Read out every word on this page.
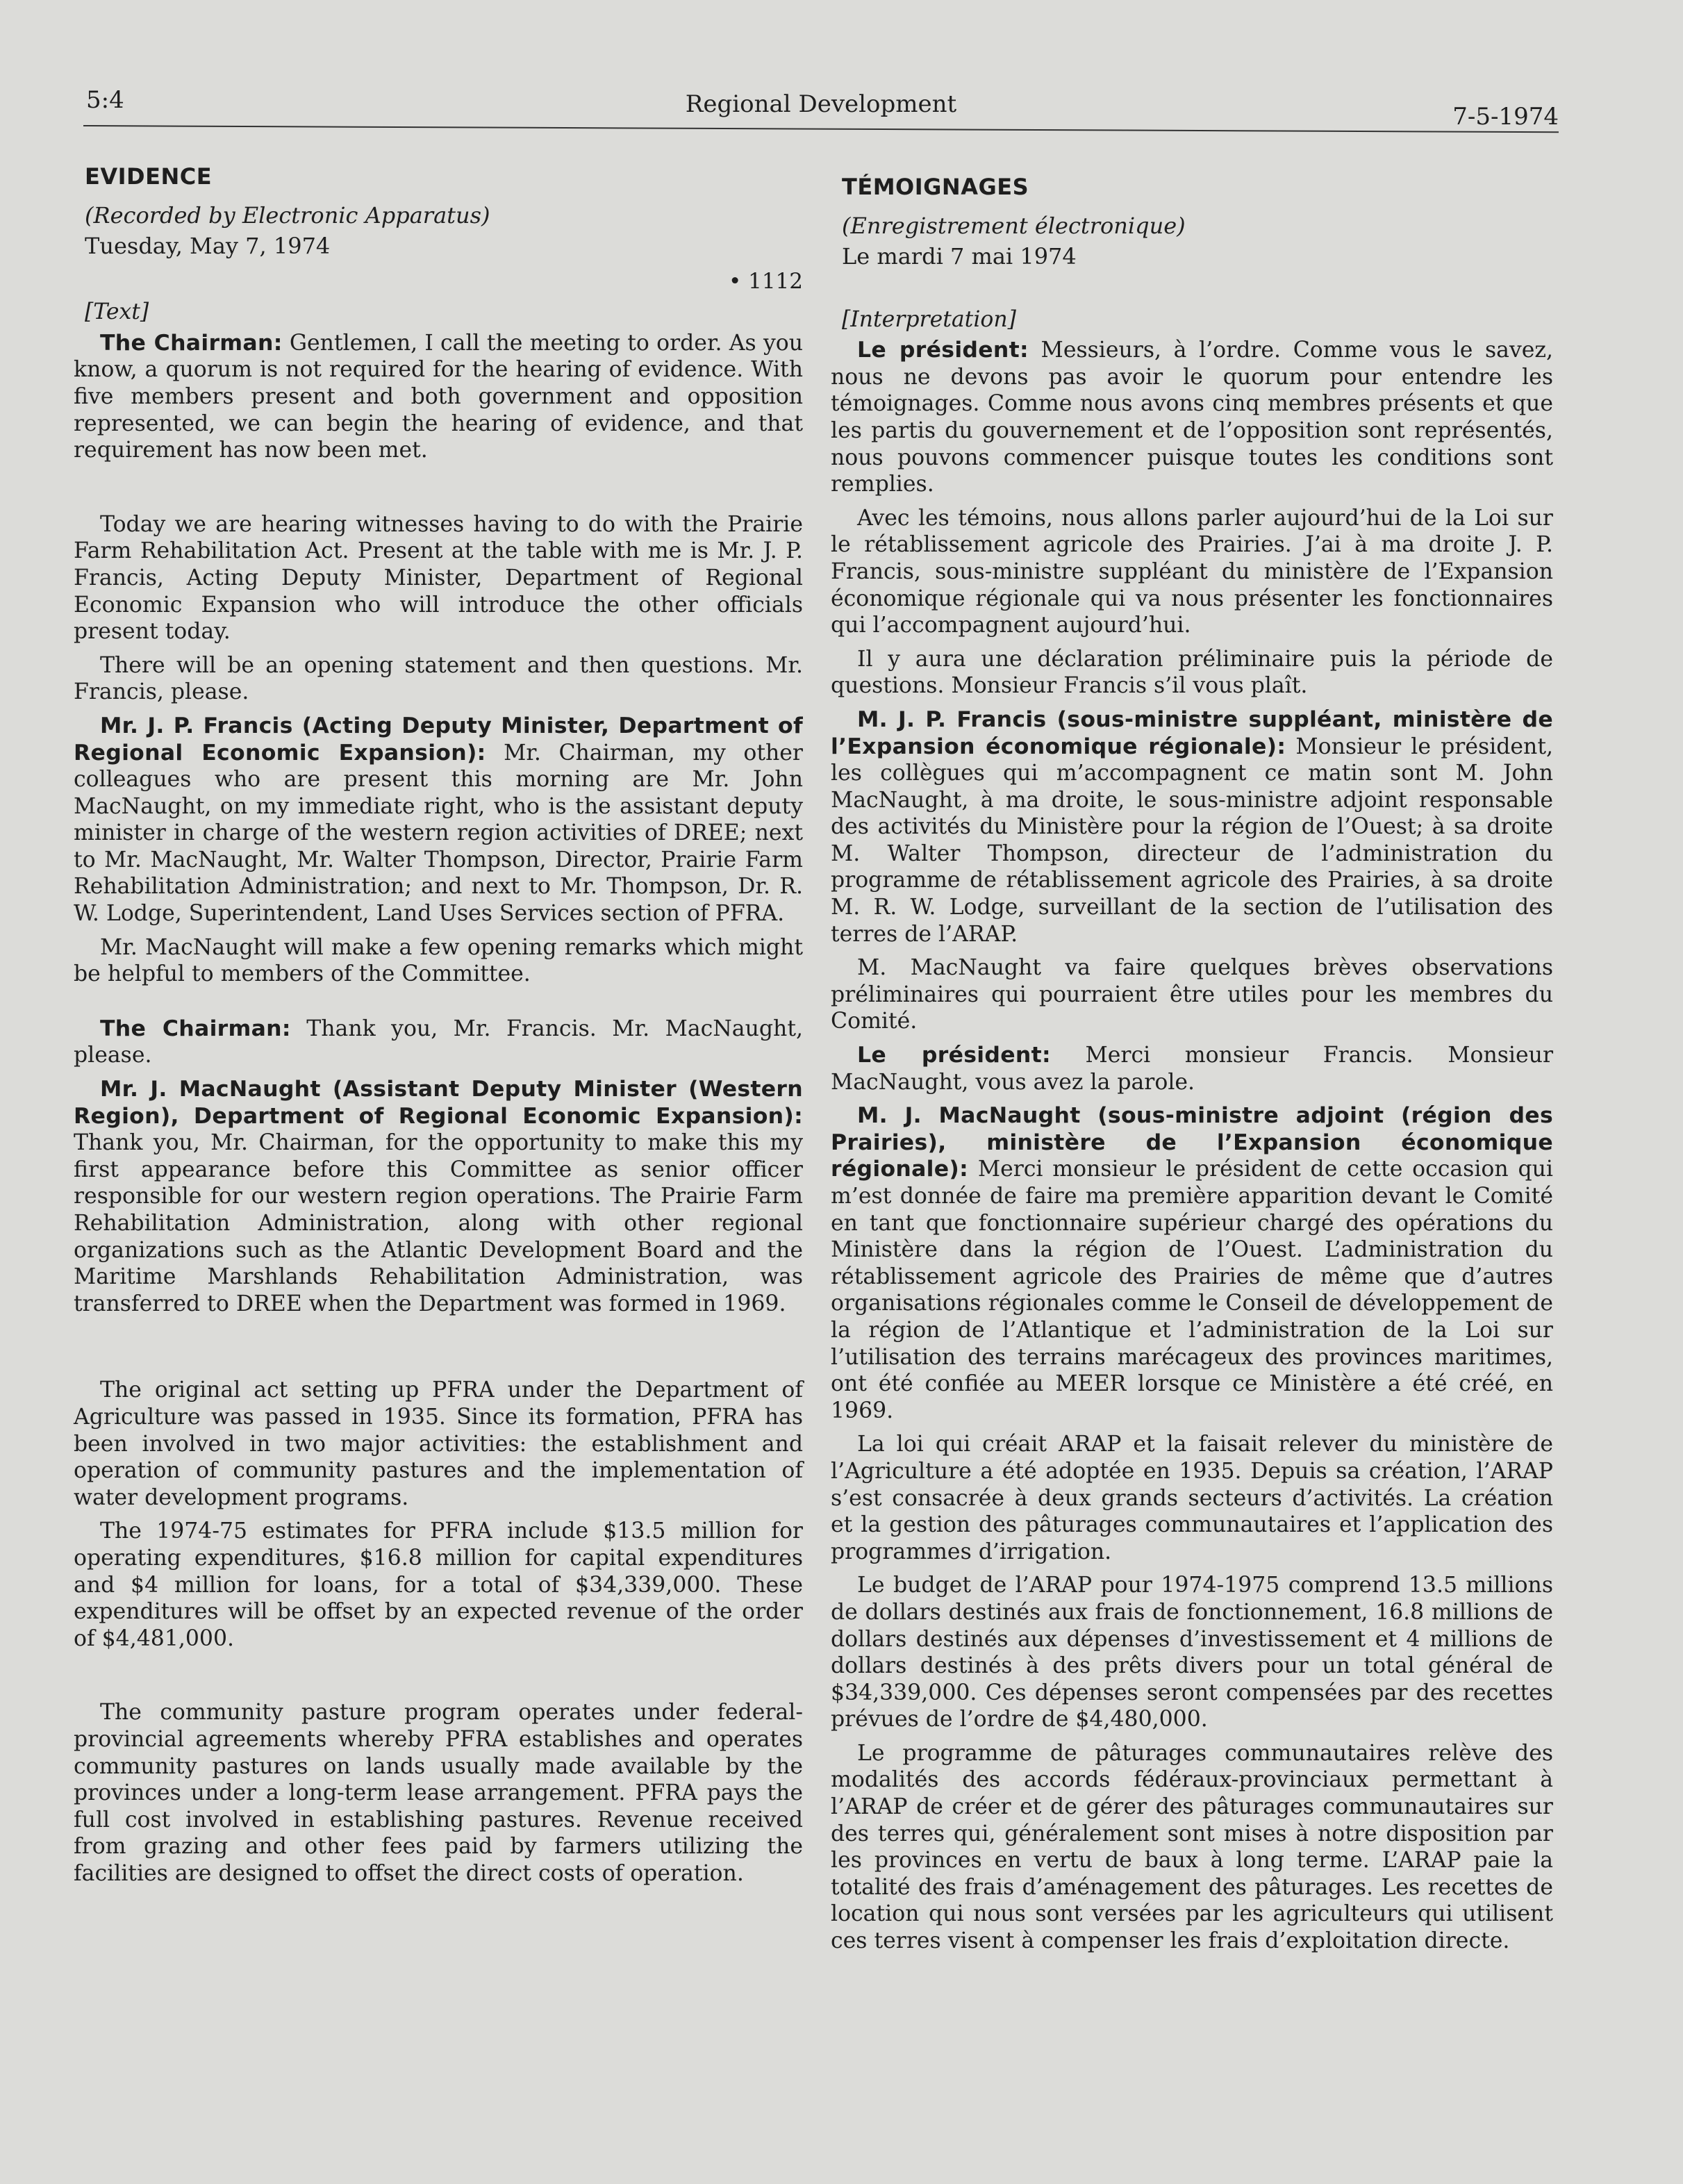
5:4	Regional Development	7-5-1974
EVIDENCE
(Recorded by Electronic Apparatus)
Tuesday, May 7, 1974
• 1112
[Text]

The Chairman: Gentlemen, I call the meeting to order. As you know, a quorum is not required for the hearing of evidence. With five members present and both government and opposition represented, we can begin the hearing of evidence, and that requirement has now been met.

Today we are hearing witnesses having to do with the Prairie Farm Rehabilitation Act. Present at the table with me is Mr. J. P. Francis, Acting Deputy Minister, Department of Regional Economic Expansion who will introduce the other officials present today.

There will be an opening statement and then questions. Mr. Francis, please.

Mr. J. P. Francis (Acting Deputy Minister, Department of Regional Economic Expansion): Mr. Chairman, my other colleagues who are present this morning are Mr. John MacNaught, on my immediate right, who is the assistant deputy minister in charge of the western region activities of DREE; next to Mr. MacNaught, Mr. Walter Thompson, Director, Prairie Farm Rehabilitation Administration; and next to Mr. Thompson, Dr. R. W. Lodge, Superintendent, Land Uses Services section of PFRA.

Mr. MacNaught will make a few opening remarks which might be helpful to members of the Committee.

The Chairman: Thank you, Mr. Francis. Mr. MacNaught, please.

Mr. J. MacNaught (Assistant Deputy Minister (Western Region), Department of Regional Economic Expansion): Thank you, Mr. Chairman, for the opportunity to make this my first appearance before this Committee as senior officer responsible for our western region operations. The Prairie Farm Rehabilitation Administration, along with other regional organizations such as the Atlantic Development Board and the Maritime Marshlands Rehabilitation Administration, was transferred to DREE when the Department was formed in 1969.

The original act setting up PFRA under the Department of Agriculture was passed in 1935. Since its formation, PFRA has been involved in two major activities: the establishment and operation of community pastures and the implementation of water development programs.

The 1974-75 estimates for PFRA include $13.5 million for operating expenditures, $16.8 million for capital expenditures and $4 million for loans, for a total of $34,339,000. These expenditures will be offset by an expected revenue of the order of $4,481,000.

The community pasture program operates under federal-provincial agreements whereby PFRA establishes and operates community pastures on lands usually made available by the provinces under a long-term lease arrangement. PFRA pays the full cost involved in establishing pastures. Revenue received from grazing and other fees paid by farmers utilizing the facilities are designed to offset the direct costs of operation.

TÉMOIGNAGES
(Enregistrement électronique)
Le mardi 7 mai 1974
[Interpretation]

Le président: Messieurs, à l’ordre. Comme vous le savez, nous ne devons pas avoir le quorum pour entendre les témoignages. Comme nous avons cinq membres présents et que les partis du gouvernement et de l’opposition sont représentés, nous pouvons commencer puisque toutes les conditions sont remplies.

Avec les témoins, nous allons parler aujourd’hui de la Loi sur le rétablissement agricole des Prairies. J’ai à ma droite J. P. Francis, sous-ministre suppléant du ministère de l’Expansion économique régionale qui va nous présenter les fonctionnaires qui l’accompagnent aujourd’hui.

Il y aura une déclaration préliminaire puis la période de questions. Monsieur Francis s’il vous plaît.

M. J. P. Francis (sous-ministre suppléant, ministère de l’Expansion économique régionale): Monsieur le président, les collègues qui m’accompagnent ce matin sont M. John MacNaught, à ma droite, le sous-ministre adjoint responsable des activités du Ministère pour la région de l’Ouest; à sa droite M. Walter Thompson, directeur de l’administration du programme de rétablissement agricole des Prairies, à sa droite M. R. W. Lodge, surveillant de la section de l’utilisation des terres de l’ARAP.

M. MacNaught va faire quelques brèves observations préliminaires qui pourraient être utiles pour les membres du Comité.

Le président: Merci monsieur Francis. Monsieur MacNaught, vous avez la parole.

M. J. MacNaught (sous-ministre adjoint (région des Prairies), ministère de l’Expansion économique régionale): Merci monsieur le président de cette occasion qui m’est donnée de faire ma première apparition devant le Comité en tant que fonctionnaire supérieur chargé des opérations du Ministère dans la région de l’Ouest. L’administration du rétablissement agricole des Prairies de même que d’autres organisations régionales comme le Conseil de développement de la région de l’Atlantique et l’administration de la Loi sur l’utilisation des terrains marécageux des provinces maritimes, ont été confiée au MEER lorsque ce Ministère a été créé, en 1969.

La loi qui créait ARAP et la faisait relever du ministère de l’Agriculture a été adoptée en 1935. Depuis sa création, l’ARAP s’est consacrée à deux grands secteurs d’activités. La création et la gestion des pâturages communautaires et l’application des programmes d’irrigation.

Le budget de l’ARAP pour 1974-1975 comprend 13.5 millions de dollars destinés aux frais de fonctionnement, 16.8 millions de dollars destinés aux dépenses d’investissement et 4 millions de dollars destinés à des prêts divers pour un total général de $34,339,000. Ces dépenses seront compensées par des recettes prévues de l’ordre de $4,480,000.

Le programme de pâturages communautaires relève des modalités des accords fédéraux-provinciaux permettant à l’ARAP de créer et de gérer des pâturages communautaires sur des terres qui, généralement sont mises à notre disposition par les provinces en vertu de baux à long terme. L’ARAP paie la totalité des frais d’aménagement des pâturages. Les recettes de location qui nous sont versées par les agriculteurs qui utilisent ces terres visent à compenser les frais d’exploitation directe.
